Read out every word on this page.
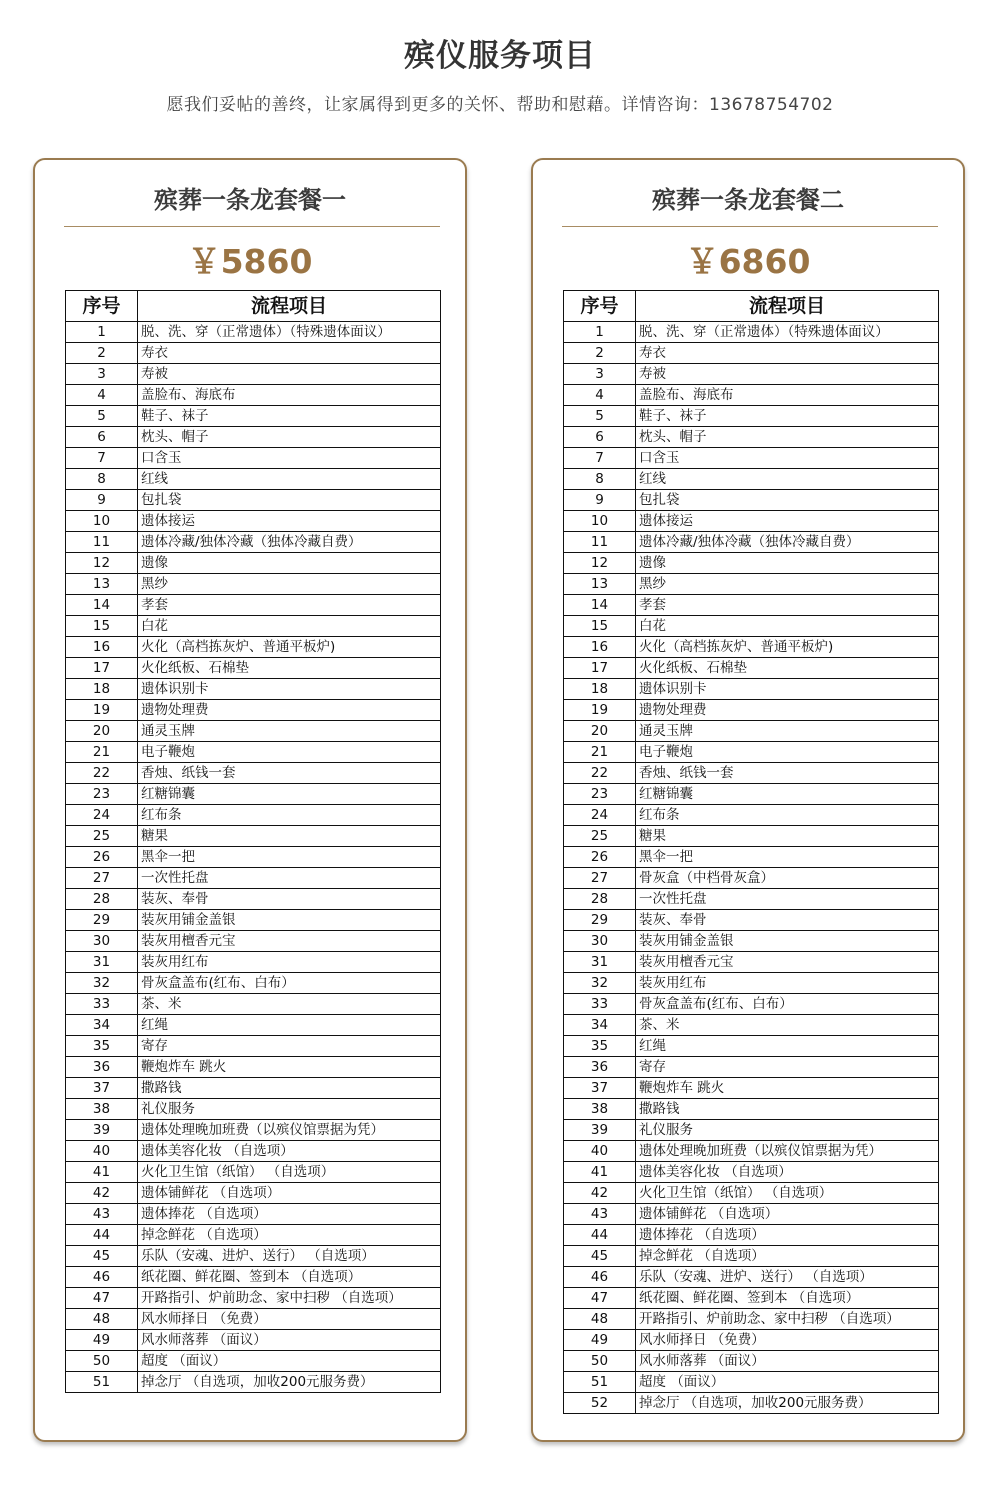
殡仪服务项目
愿我们妥帖的善终，让家属得到更多的关怀、帮助和慰藉。详情咨询：13678754702
殡葬一条龙套餐一
￥5860
序号	流程项目
1	脱、洗、穿（正常遗体）（特殊遗体面议）
2	寿衣
3	寿被
4	盖脸布、海底布
5	鞋子、袜子
6	枕头、帽子
7	口含玉
8	红线
9	包扎袋
10	遗体接运
11	遗体冷藏/独体冷藏（独体冷藏自费）
12	遗像
13	黑纱
14	孝套
15	白花
16	火化（高档拣灰炉、普通平板炉)
17	火化纸板、石棉垫
18	遗体识别卡
19	遗物处理费
20	通灵玉牌
21	电子鞭炮
22	香烛、纸钱一套
23	红糖锦囊
24	红布条
25	糖果
26	黑伞一把
27	一次性托盘
28	装灰、奉骨
29	装灰用铺金盖银
30	装灰用檀香元宝
31	装灰用红布
32	骨灰盒盖布(红布、白布）
33	茶、米
34	红绳
35	寄存
36	鞭炮炸车 跳火
37	撒路钱
38	礼仪服务
39	遗体处理晚加班费（以殡仪馆票据为凭）
40	遗体美容化妆 （自选项）
41	火化卫生馆（纸馆） （自选项）
42	遗体铺鲜花 （自选项）
43	遗体捧花 （自选项）
44	掉念鲜花 （自选项）
45	乐队（安魂、进炉、送行） （自选项）
46	纸花圈、鲜花圈、签到本 （自选项）
47	开路指引、炉前助念、家中扫秽 （自选项）
48	风水师择日 （免费）
49	风水师落葬 （面议）
50	超度 （面议）
51	掉念厅 （自选项，加收200元服务费）
殡葬一条龙套餐二
￥6860
序号	流程项目
1	脱、洗、穿（正常遗体）（特殊遗体面议）
2	寿衣
3	寿被
4	盖脸布、海底布
5	鞋子、袜子
6	枕头、帽子
7	口含玉
8	红线
9	包扎袋
10	遗体接运
11	遗体冷藏/独体冷藏（独体冷藏自费）
12	遗像
13	黑纱
14	孝套
15	白花
16	火化（高档拣灰炉、普通平板炉)
17	火化纸板、石棉垫
18	遗体识别卡
19	遗物处理费
20	通灵玉牌
21	电子鞭炮
22	香烛、纸钱一套
23	红糖锦囊
24	红布条
25	糖果
26	黑伞一把
27	骨灰盒（中档骨灰盒）
28	一次性托盘
29	装灰、奉骨
30	装灰用铺金盖银
31	装灰用檀香元宝
32	装灰用红布
33	骨灰盒盖布(红布、白布）
34	茶、米
35	红绳
36	寄存
37	鞭炮炸车 跳火
38	撒路钱
39	礼仪服务
40	遗体处理晚加班费（以殡仪馆票据为凭）
41	遗体美容化妆 （自选项）
42	火化卫生馆（纸馆） （自选项）
43	遗体铺鲜花 （自选项）
44	遗体捧花 （自选项）
45	掉念鲜花 （自选项）
46	乐队（安魂、进炉、送行） （自选项）
47	纸花圈、鲜花圈、签到本 （自选项）
48	开路指引、炉前助念、家中扫秽 （自选项）
49	风水师择日 （免费）
50	风水师落葬 （面议）
51	超度 （面议）
52	掉念厅 （自选项，加收200元服务费）
